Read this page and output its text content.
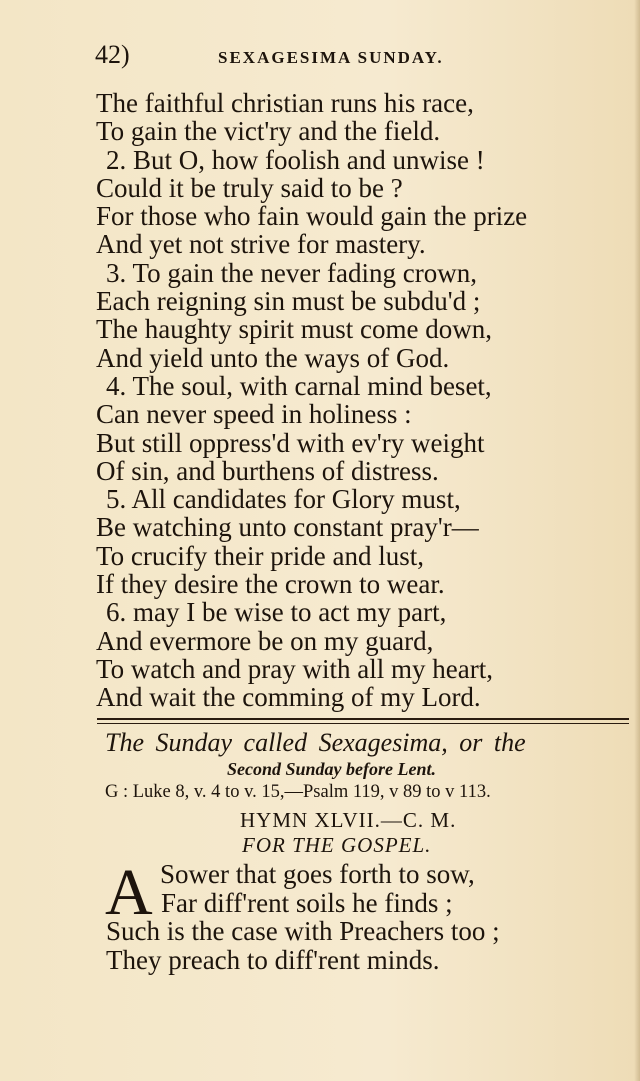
42)	SEXAGESIMA SUNDAY.
The faithful christian runs his race,
To gain the vict'ry and the field.
2. But O, how foolish and unwise !
Could it be truly said to be ?
For those who fain would gain the prize
And yet not strive for mastery.
3. To gain the never fading crown,
Each reigning sin must be subdu'd ;
The haughty spirit must come down,
And yield unto the ways of God.
4. The soul, with carnal mind beset,
Can never speed in holiness :
But still oppress'd with ev'ry weight
Of sin, and burthens of distress.
5. All candidates for Glory must,
Be watching unto constant pray'r—
To crucify their pride and lust,
If they desire the crown to wear.
6. may I be wise to act my part,
And evermore be on my guard,
To watch and pray with all my heart,
And wait the comming of my Lord.
The Sunday called Sexagesima, or the
Second Sunday before Lent.
G : Luke 8, v. 4 to v. 15,—Psalm 119, v 89 to v 113.
HYMN XLVII.—C. M.
FOR THE GOSPEL.
A Sower that goes forth to sow,
Far diff'rent soils he finds ;
Such is the case with Preachers too ;
They preach to diff'rent minds.
